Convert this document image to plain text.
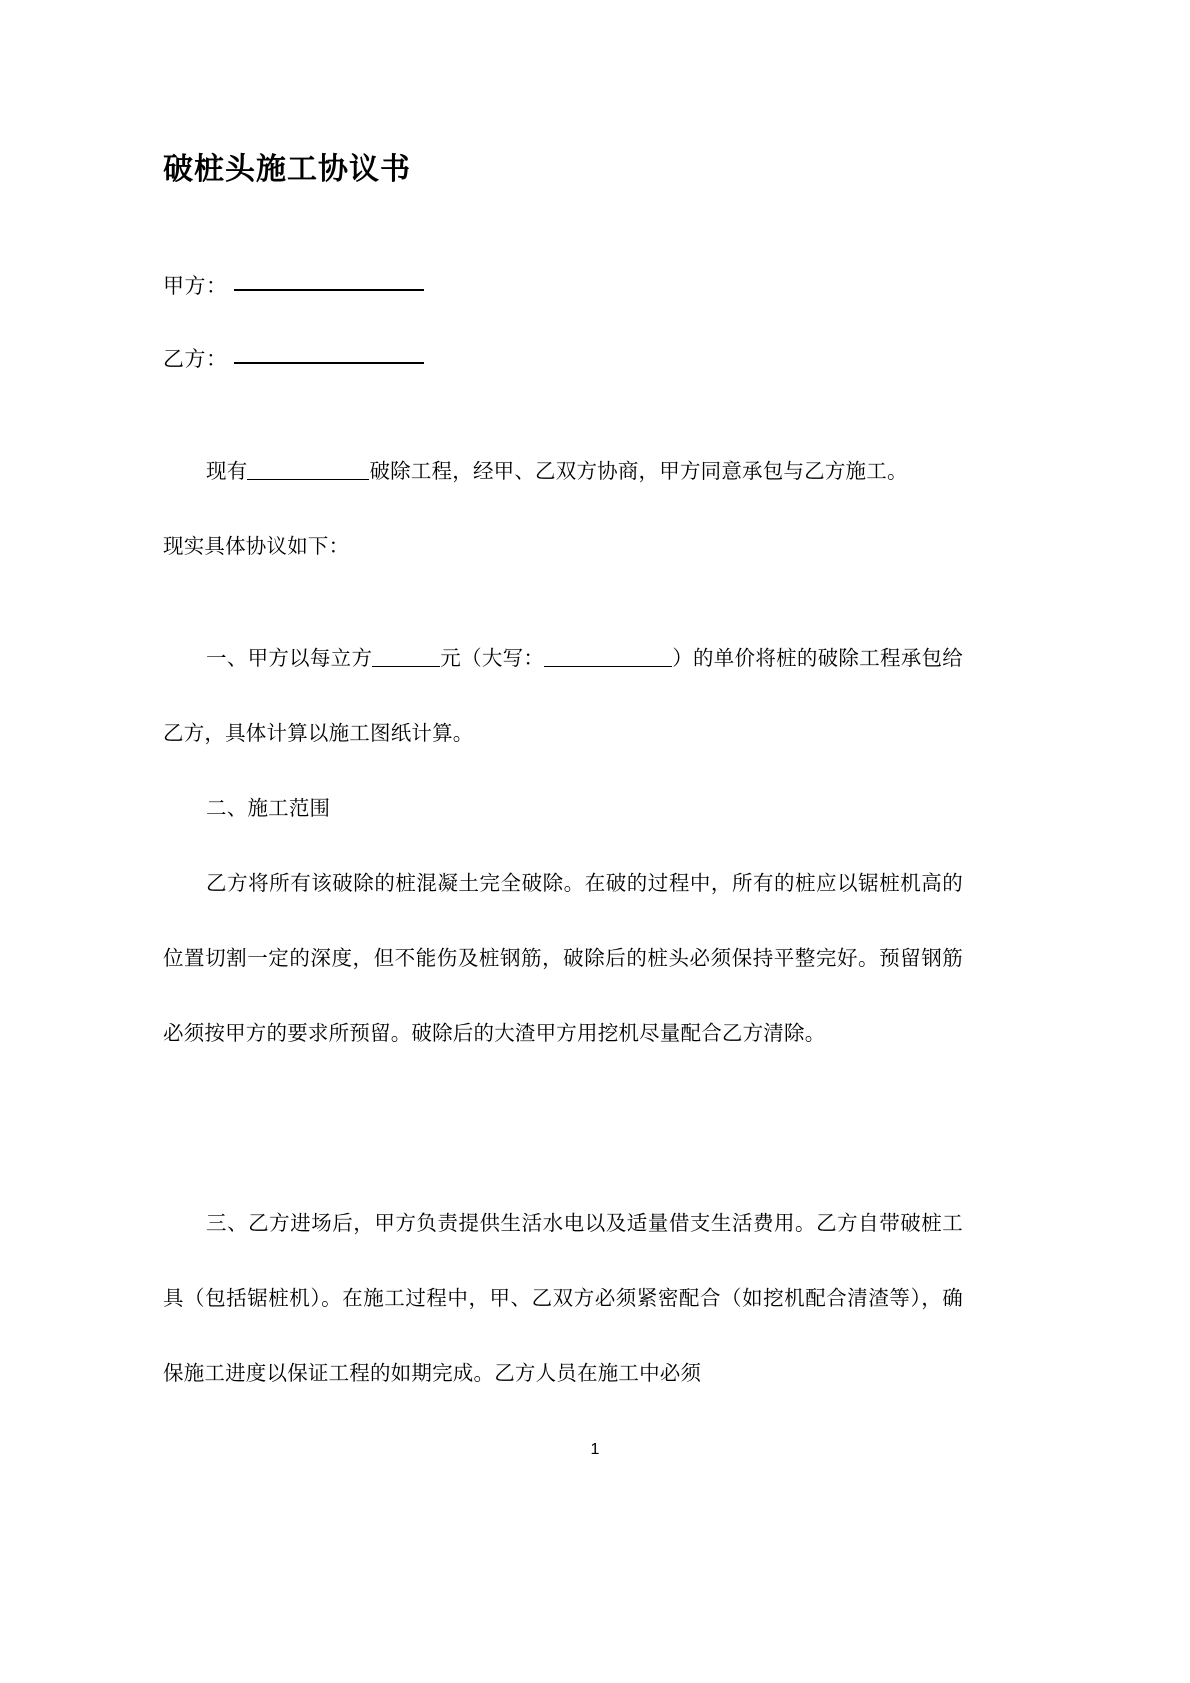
破桩头施工协议书
甲方：
乙方：

现有	破除工程，经甲、乙双方协商，甲方同意承包与乙方施工。

现实具体协议如下：

一、甲方以每立方	元（大写：	）的单价将桩的破除工程承包给乙方，具体计算以施工图纸计算。

二、施工范围

乙方将所有该破除的桩混凝土完全破除。在破的过程中，所有的桩应以锯桩机高的位置切割一定的深度，但不能伤及桩钢筋，破除后的桩头必须保持平整完好。预留钢筋必须按甲方的要求所预留。破除后的大渣甲方用挖机尽量配合乙方清除。

三、乙方进场后，甲方负责提供生活水电以及适量借支生活费用。乙方自带破桩工具（包括锯桩机）。在施工过程中，甲、乙双方必须紧密配合（如挖机配合清渣等），确保施工进度以保证工程的如期完成。乙方人员在施工中必须

1
